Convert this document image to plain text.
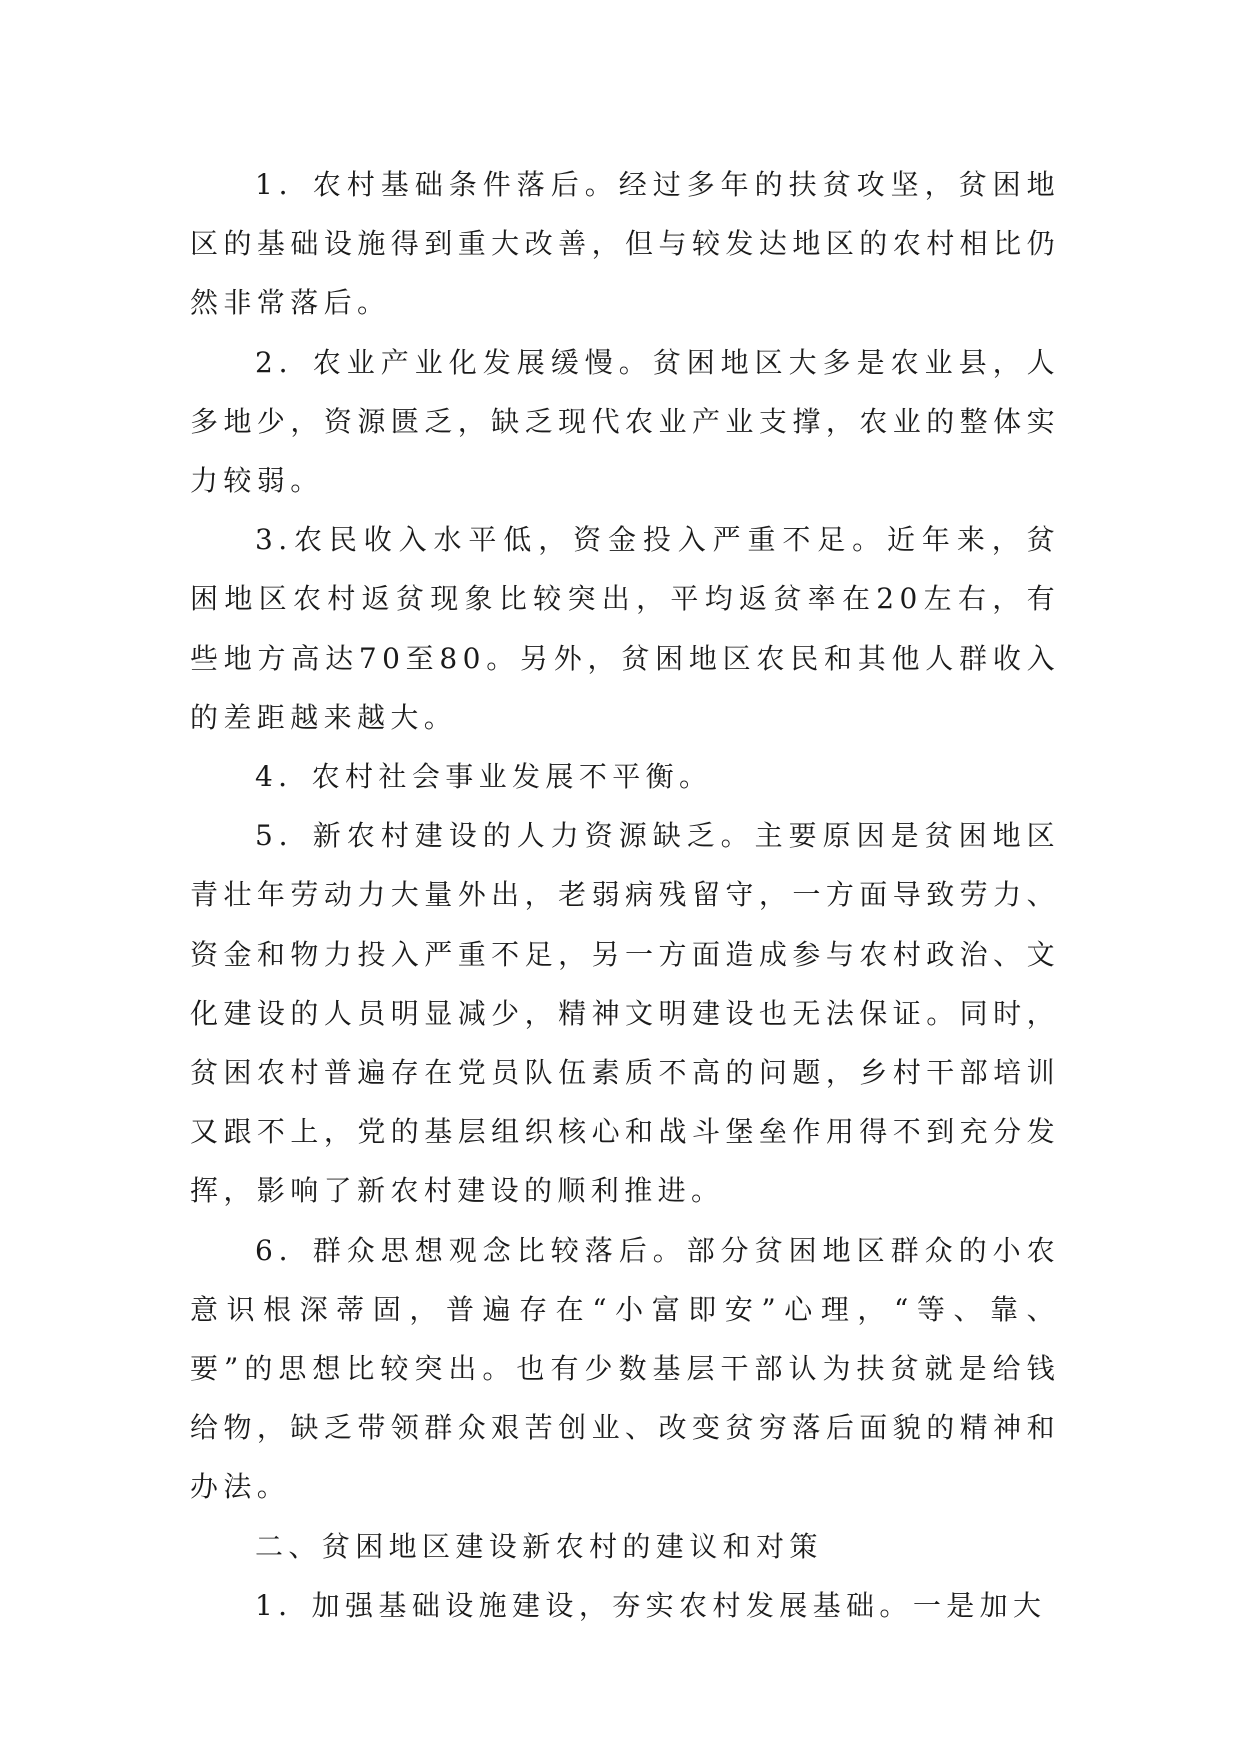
1．农村基础条件落后。经过多年的扶贫攻坚，贫困地区的基础设施得到重大改善，但与较发达地区的农村相比仍然非常落后。

2．农业产业化发展缓慢。贫困地区大多是农业县，人多地少，资源匮乏，缺乏现代农业产业支撑，农业的整体实力较弱。

3.农民收入水平低，资金投入严重不足。近年来，贫困地区农村返贫现象比较突出，平均返贫率在20左右，有些地方高达70至80。另外，贫困地区农民和其他人群收入的差距越来越大。

4．农村社会事业发展不平衡。

5．新农村建设的人力资源缺乏。主要原因是贫困地区青壮年劳动力大量外出，老弱病残留守，一方面导致劳力、资金和物力投入严重不足，另一方面造成参与农村政治、文化建设的人员明显减少，精神文明建设也无法保证。同时，贫困农村普遍存在党员队伍素质不高的问题，乡村干部培训又跟不上，党的基层组织核心和战斗堡垒作用得不到充分发挥，影响了新农村建设的顺利推进。

6．群众思想观念比较落后。部分贫困地区群众的小农意识根深蒂固，普遍存在“小富即安”心理，“等、靠、要”的思想比较突出。也有少数基层干部认为扶贫就是给钱给物，缺乏带领群众艰苦创业、改变贫穷落后面貌的精神和办法。

二、贫困地区建设新农村的建议和对策

1．加强基础设施建设，夯实农村发展基础。一是加大
